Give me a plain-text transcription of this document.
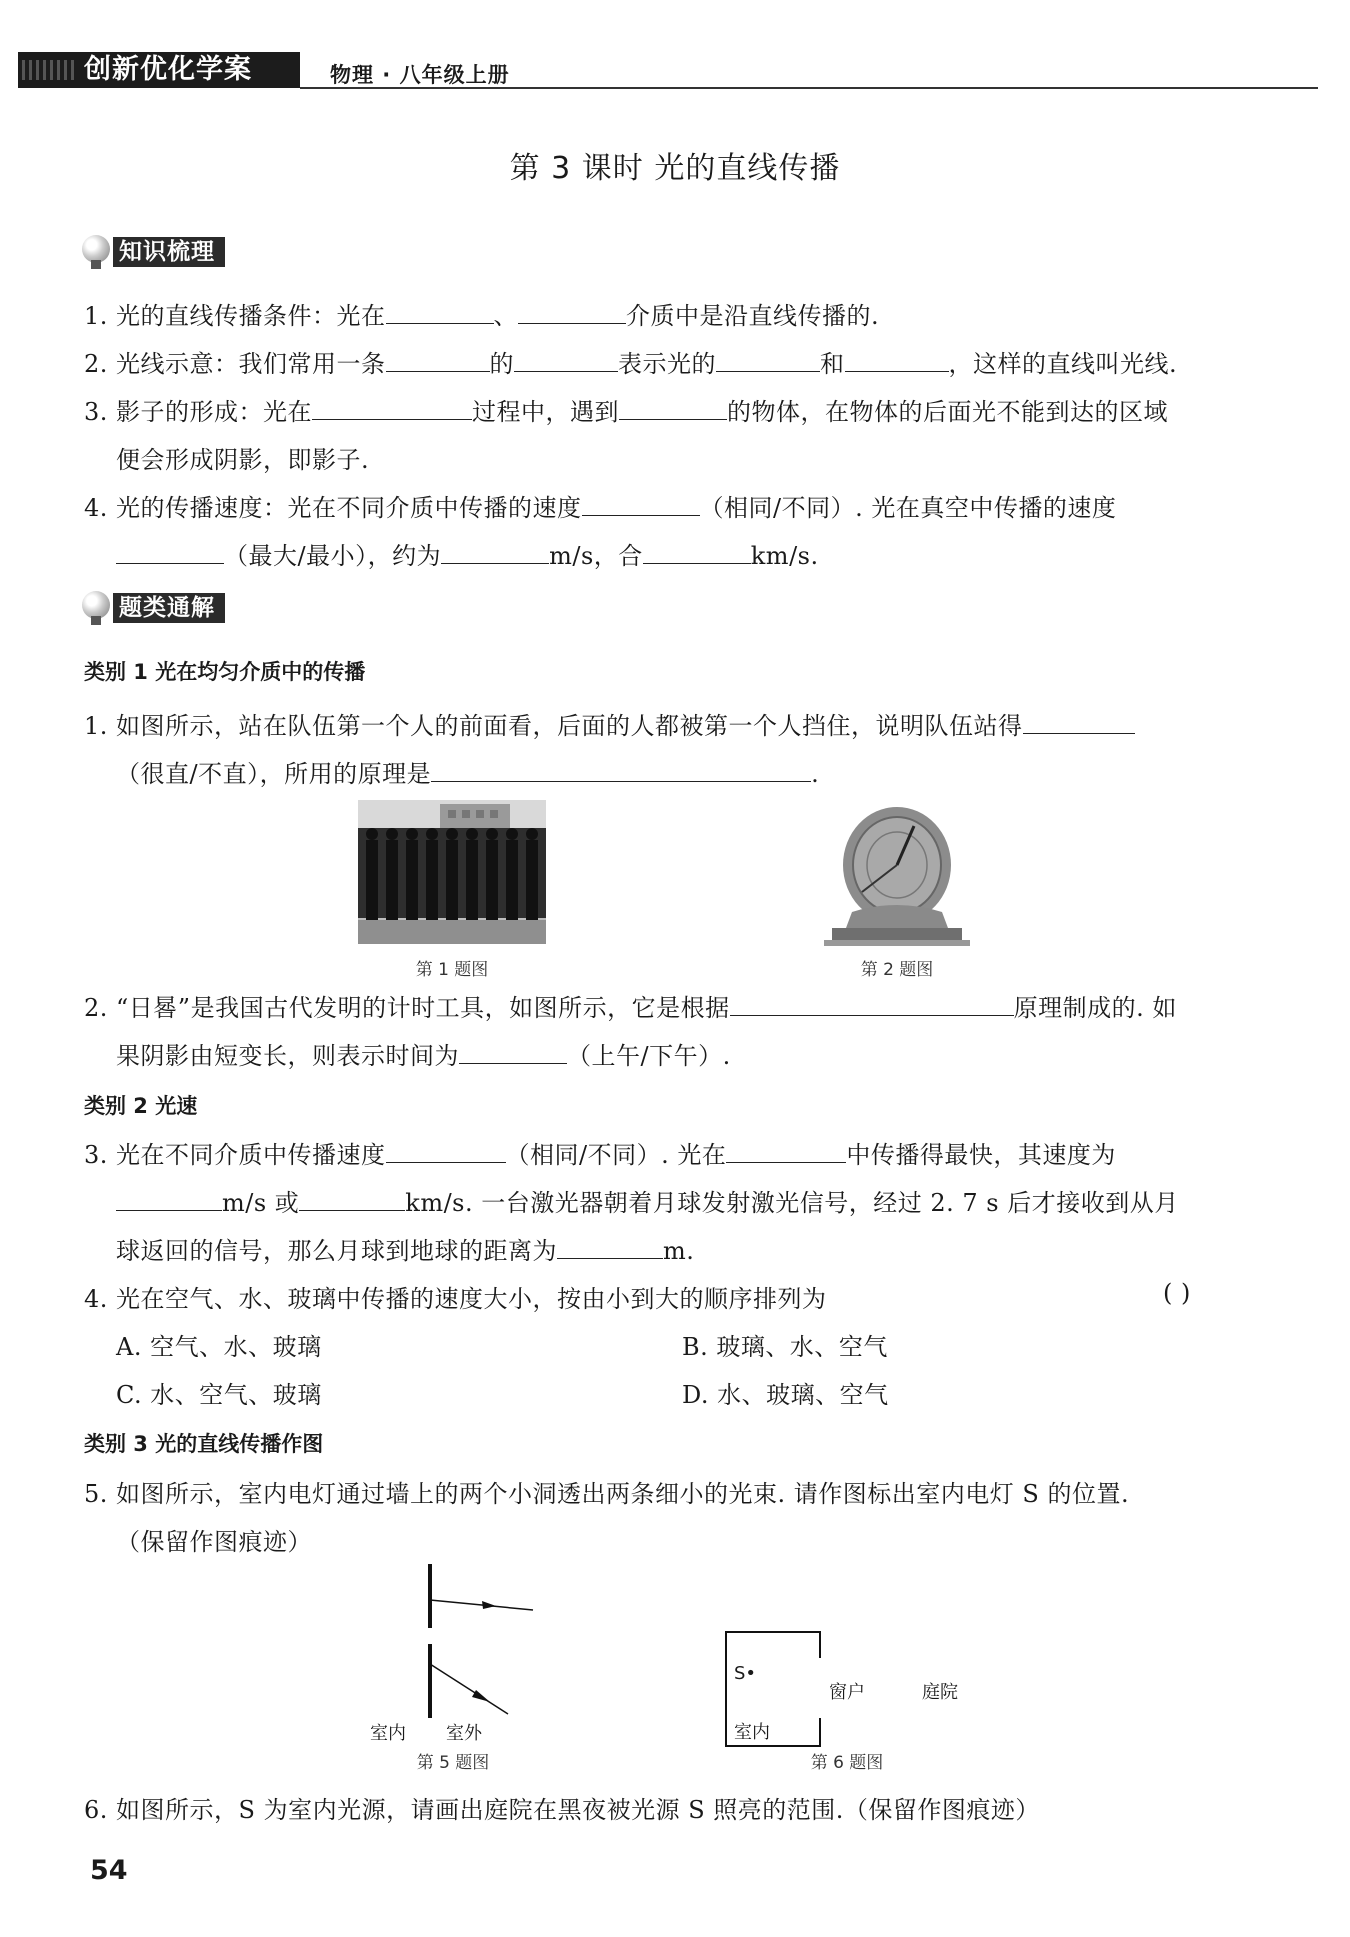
创新优化学案	物理 · 八年级上册
第 3 课时 光的直线传播
知识梳理
1. 光的直线传播条件：光在	、	介质中是沿直线传播的.
2. 光线示意：我们常用一条	的	表示光的	和	，这样的直线叫光线.
3. 影子的形成：光在	过程中，遇到	的物体，在物体的后面光不能到达的区域
便会形成阴影，即影子.
4. 光的传播速度：光在不同介质中传播的速度	（相同/不同）. 光在真空中传播的速度
（最大/最小），约为	m/s，合	km/s.
题类通解
类别 1 光在均匀介质中的传播
1. 如图所示，站在队伍第一个人的前面看，后面的人都被第一个人挡住，说明队伍站得
（很直/不直），所用的原理是	.
第 1 题图	第 2 题图
2. “日晷”是我国古代发明的计时工具，如图所示，它是根据	原理制成的. 如
果阴影由短变长，则表示时间为	（上午/下午）.
类别 2 光速
3. 光在不同介质中传播速度	（相同/不同）. 光在	中传播得最快，其速度为
m/s 或	km/s. 一台激光器朝着月球发射激光信号，经过 2. 7 s 后才接收到从月
球返回的信号，那么月球到地球的距离为	m.
4. 光在空气、水、玻璃中传播的速度大小，按由小到大的顺序排列为	( )
A. 空气、水、玻璃	B. 玻璃、水、空气
C. 水、空气、玻璃	D. 水、玻璃、空气
类别 3 光的直线传播作图
5. 如图所示，室内电灯通过墙上的两个小洞透出两条细小的光束. 请作图标出室内电灯 S 的位置.
（保留作图痕迹）
室内 室外
第 5 题图
S•
窗户	庭院
室内
第 6 题图
6. 如图所示，S 为室内光源，请画出庭院在黑夜被光源 S 照亮的范围.（保留作图痕迹）
54
